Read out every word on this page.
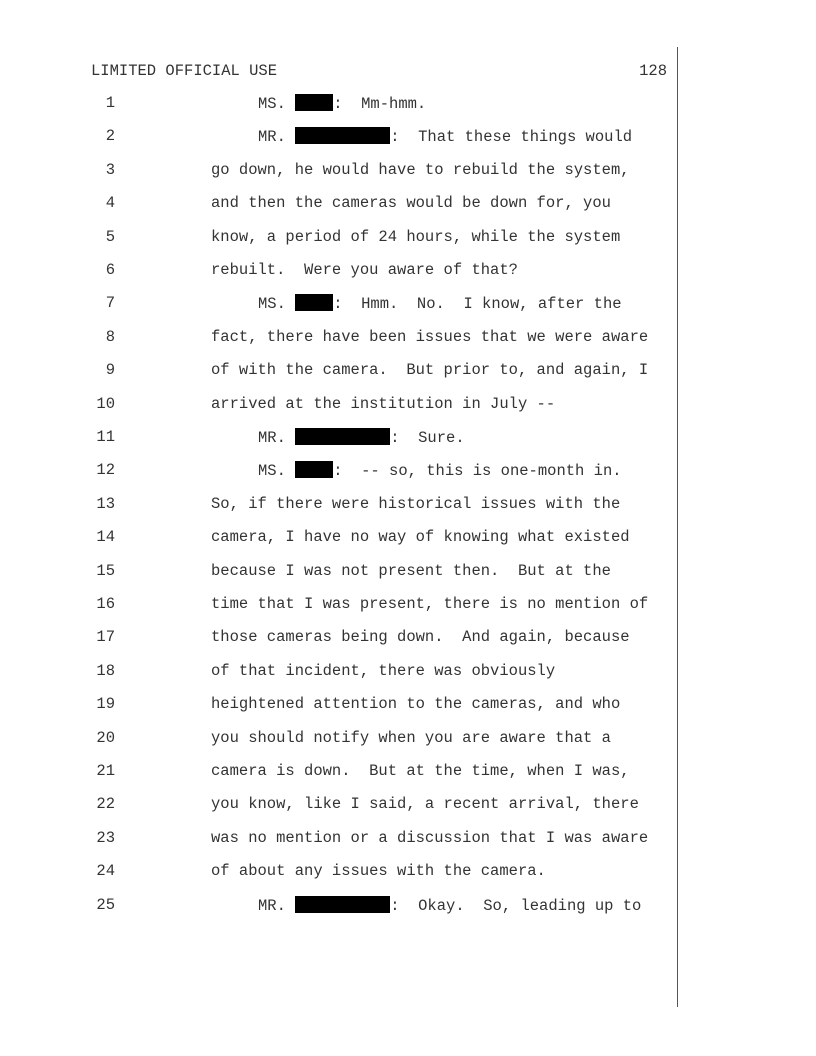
LIMITED OFFICIAL USE	128
1	MS. :  Mm-hmm.
2	MR.	:  That these things would
3	go down, he would have to rebuild the system,
4	and then the cameras would be down for, you
5	know, a period of 24 hours, while the system
6	rebuilt.  Were you aware of that?
7	MS. :  Hmm.  No.  I know, after the
8	fact, there have been issues that we were aware
9	of with the camera.  But prior to, and again, I
10	arrived at the institution in July --
11	MR.	:  Sure.
12	MS. :  -- so, this is one-month in.
13	So, if there were historical issues with the
14	camera, I have no way of knowing what existed
15	because I was not present then.  But at the
16	time that I was present, there is no mention of
17	those cameras being down.  And again, because
18	of that incident, there was obviously
19	heightened attention to the cameras, and who
20	you should notify when you are aware that a
21	camera is down.  But at the time, when I was,
22	you know, like I said, a recent arrival, there
23	was no mention or a discussion that I was aware
24	of about any issues with the camera.
25	MR.	:  Okay.  So, leading up to
